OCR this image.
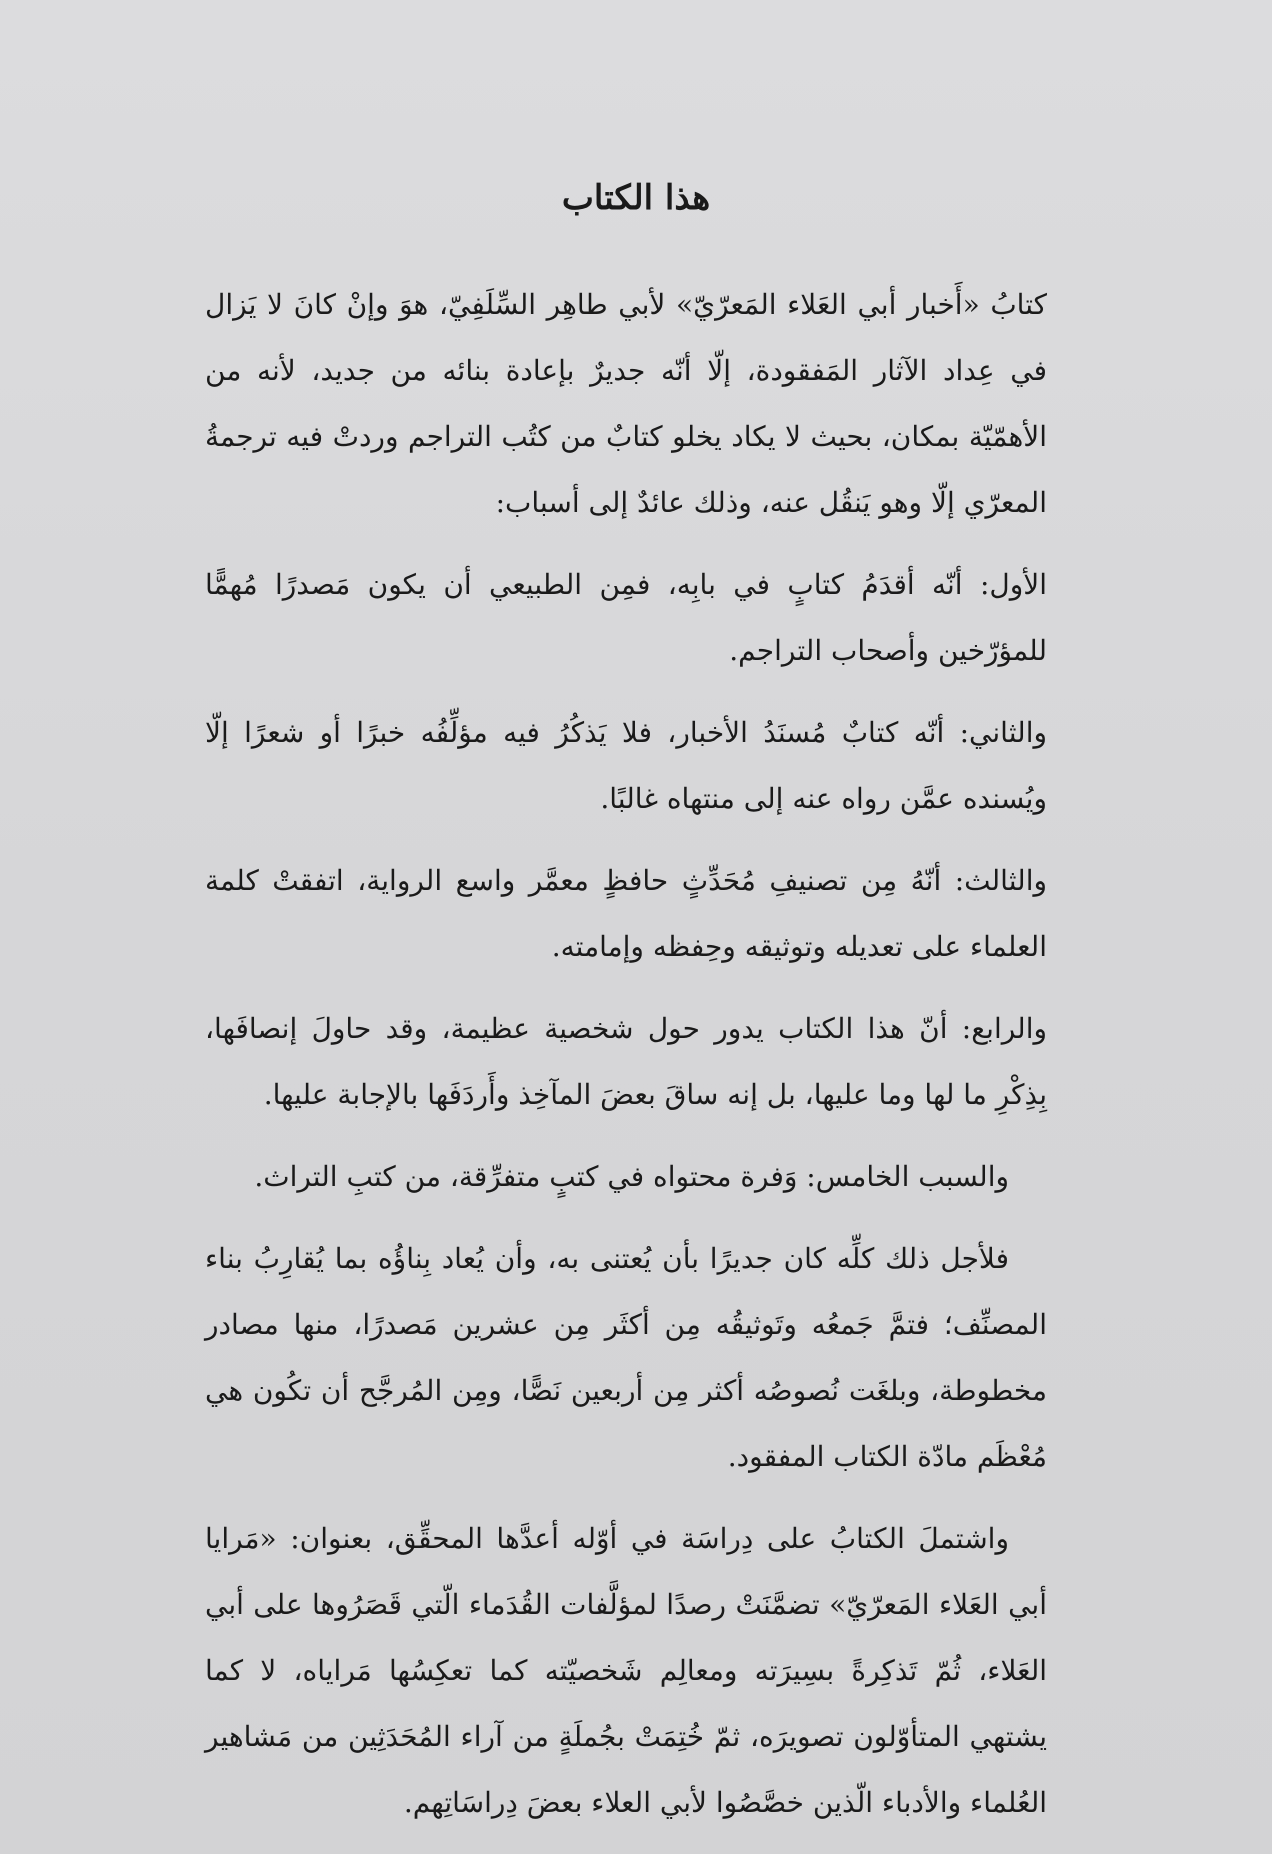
هذا الكتاب

كتابُ «أَخبار أبي العَلاء المَعرّيّ» لأبي طاهِر السِّلَفِيّ، هوَ وإنْ كانَ لا يَزال في عِداد الآثار المَفقودة، إلّا أنّه جديرٌ بإعادة بنائه من جديد، لأنه من الأهمّيّة بمكان، بحيث لا يكاد يخلو كتابٌ من كتُب التراجم وردتْ فيه ترجمةُ المعرّي إلّا وهو يَنقُل عنه، وذلك عائدٌ إلى أسباب:

الأول: أنّه أقدَمُ كتابٍ في بابِه، فمِن الطبيعي أن يكون مَصدرًا مُهمًّا للمؤرّخين وأصحاب التراجم.

والثاني: أنّه كتابٌ مُسنَدُ الأخبار، فلا يَذكُرُ فيه مؤلِّفُه خبرًا أو شعرًا إلّا ويُسنده عمَّن رواه عنه إلى منتهاه غالبًا.

والثالث: أنّهُ مِن تصنيفِ مُحَدِّثٍ حافظٍ معمَّر واسع الرواية، اتفقتْ كلمة العلماء على تعديله وتوثيقه وحِفظه وإمامته.

والرابع: أنّ هذا الكتاب يدور حول شخصية عظيمة، وقد حاولَ إنصافَها، بِذِكْرِ ما لها وما عليها، بل إنه ساقَ بعضَ المآخِذ وأَردَفَها بالإجابة عليها.

والسبب الخامس: وَفرة محتواه في كتبٍ متفرِّقة، من كتبِ التراث.

فلأجل ذلك كلِّه كان جديرًا بأن يُعتنى به، وأن يُعاد بِناؤُه بما يُقارِبُ بناء المصنِّف؛ فتمَّ جَمعُه وتَوثيقُه مِن أكثَر مِن عشرين مَصدرًا، منها مصادر مخطوطة، وبلغَت نُصوصُه أكثر مِن أربعين نَصًّا، ومِن المُرجَّح أن تكُون هي مُعْظَم مادّة الكتاب المفقود.

واشتملَ الكتابُ على دِراسَة في أوّله أعدَّها المحقِّق، بعنوان: «مَرايا أبي العَلاء المَعرّيّ» تضمَّنَتْ رصدًا لمؤلَّفات القُدَماء الّتي قَصَرُوها على أبي العَلاء، ثُمّ تَذكِرةً بسِيرَته ومعالِم شَخصيّته كما تعكِسُها مَراياه، لا كما يشتهي المتأوّلون تصويرَه، ثمّ خُتِمَتْ بجُملَةٍ من آراء المُحَدَثِين من مَشاهير العُلماء والأدباء الّذين خصَّصُوا لأبي العلاء بعضَ دِراسَاتِهم.
